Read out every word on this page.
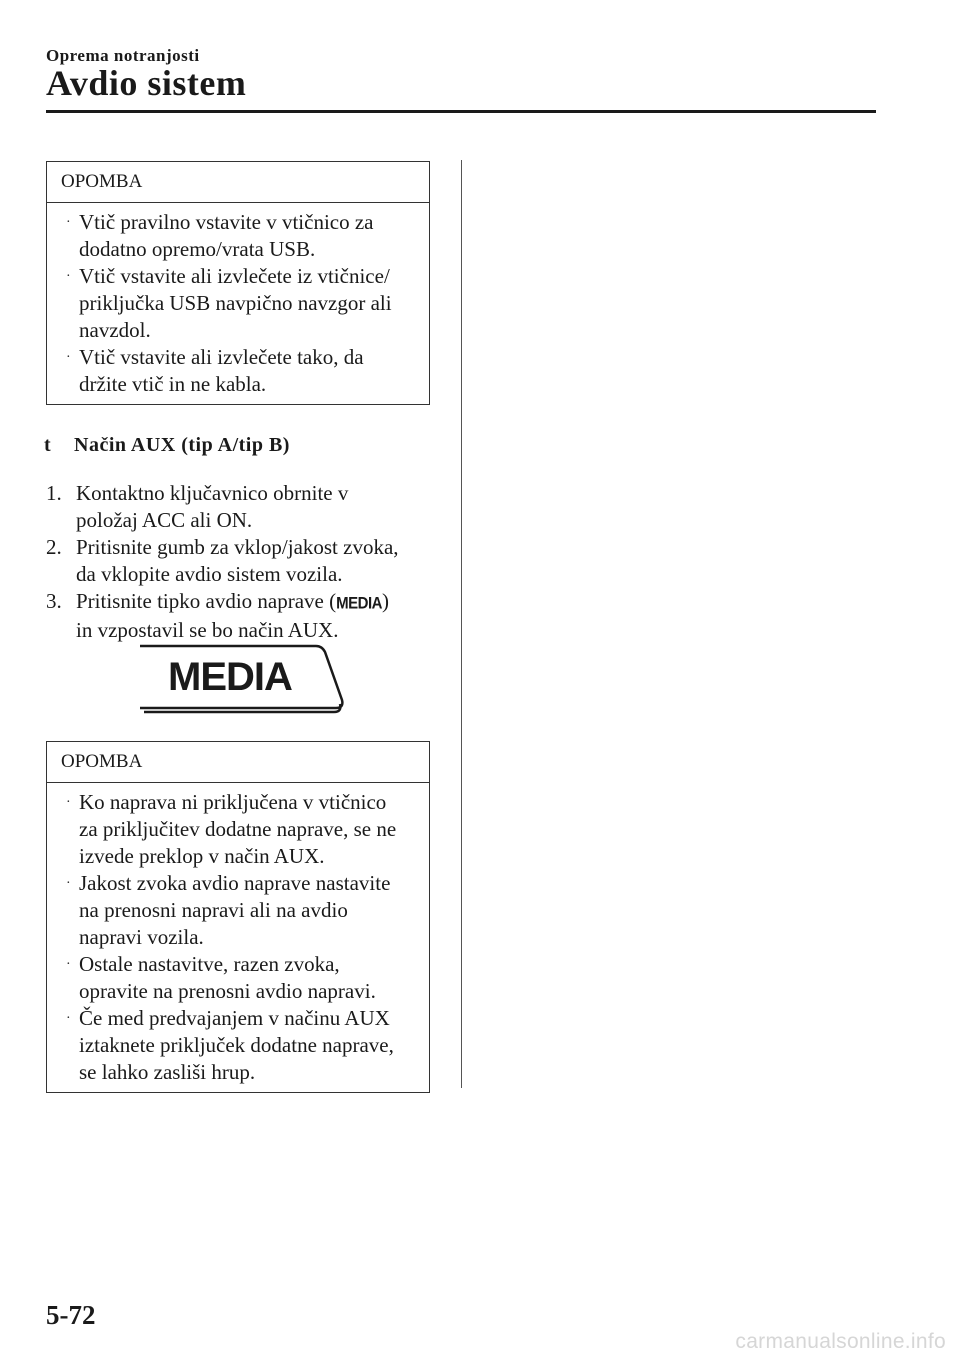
Oprema notranjosti
Avdio sistem
OPOMBA
· Vtič pravilno vstavite v vtičnico za
dodatno opremo/vrata USB.
· Vtič vstavite ali izvlečete iz vtičnice/
priključka USB navpično navzgor ali
navzdol.
· Vtič vstavite ali izvlečete tako, da
držite vtič in ne kabla.
t Način AUX (tip A/tip B)
1. Kontaktno ključavnico obrnite v
položaj ACC ali ON.
2. Pritisnite gumb za vklop/jakost zvoka,
da vklopite avdio sistem vozila.
3. Pritisnite tipko avdio naprave (MEDIA)
in vzpostavil se bo način AUX.
MEDIA
OPOMBA
· Ko naprava ni priključena v vtičnico
za priključitev dodatne naprave, se ne
izvede preklop v način AUX.
· Jakost zvoka avdio naprave nastavite
na prenosni napravi ali na avdio
napravi vozila.
· Ostale nastavitve, razen zvoka,
opravite na prenosni avdio napravi.
· Če med predvajanjem v načinu AUX
iztaknete priključek dodatne naprave,
se lahko zasliši hrup.
5-72
carmanualsonline.info
